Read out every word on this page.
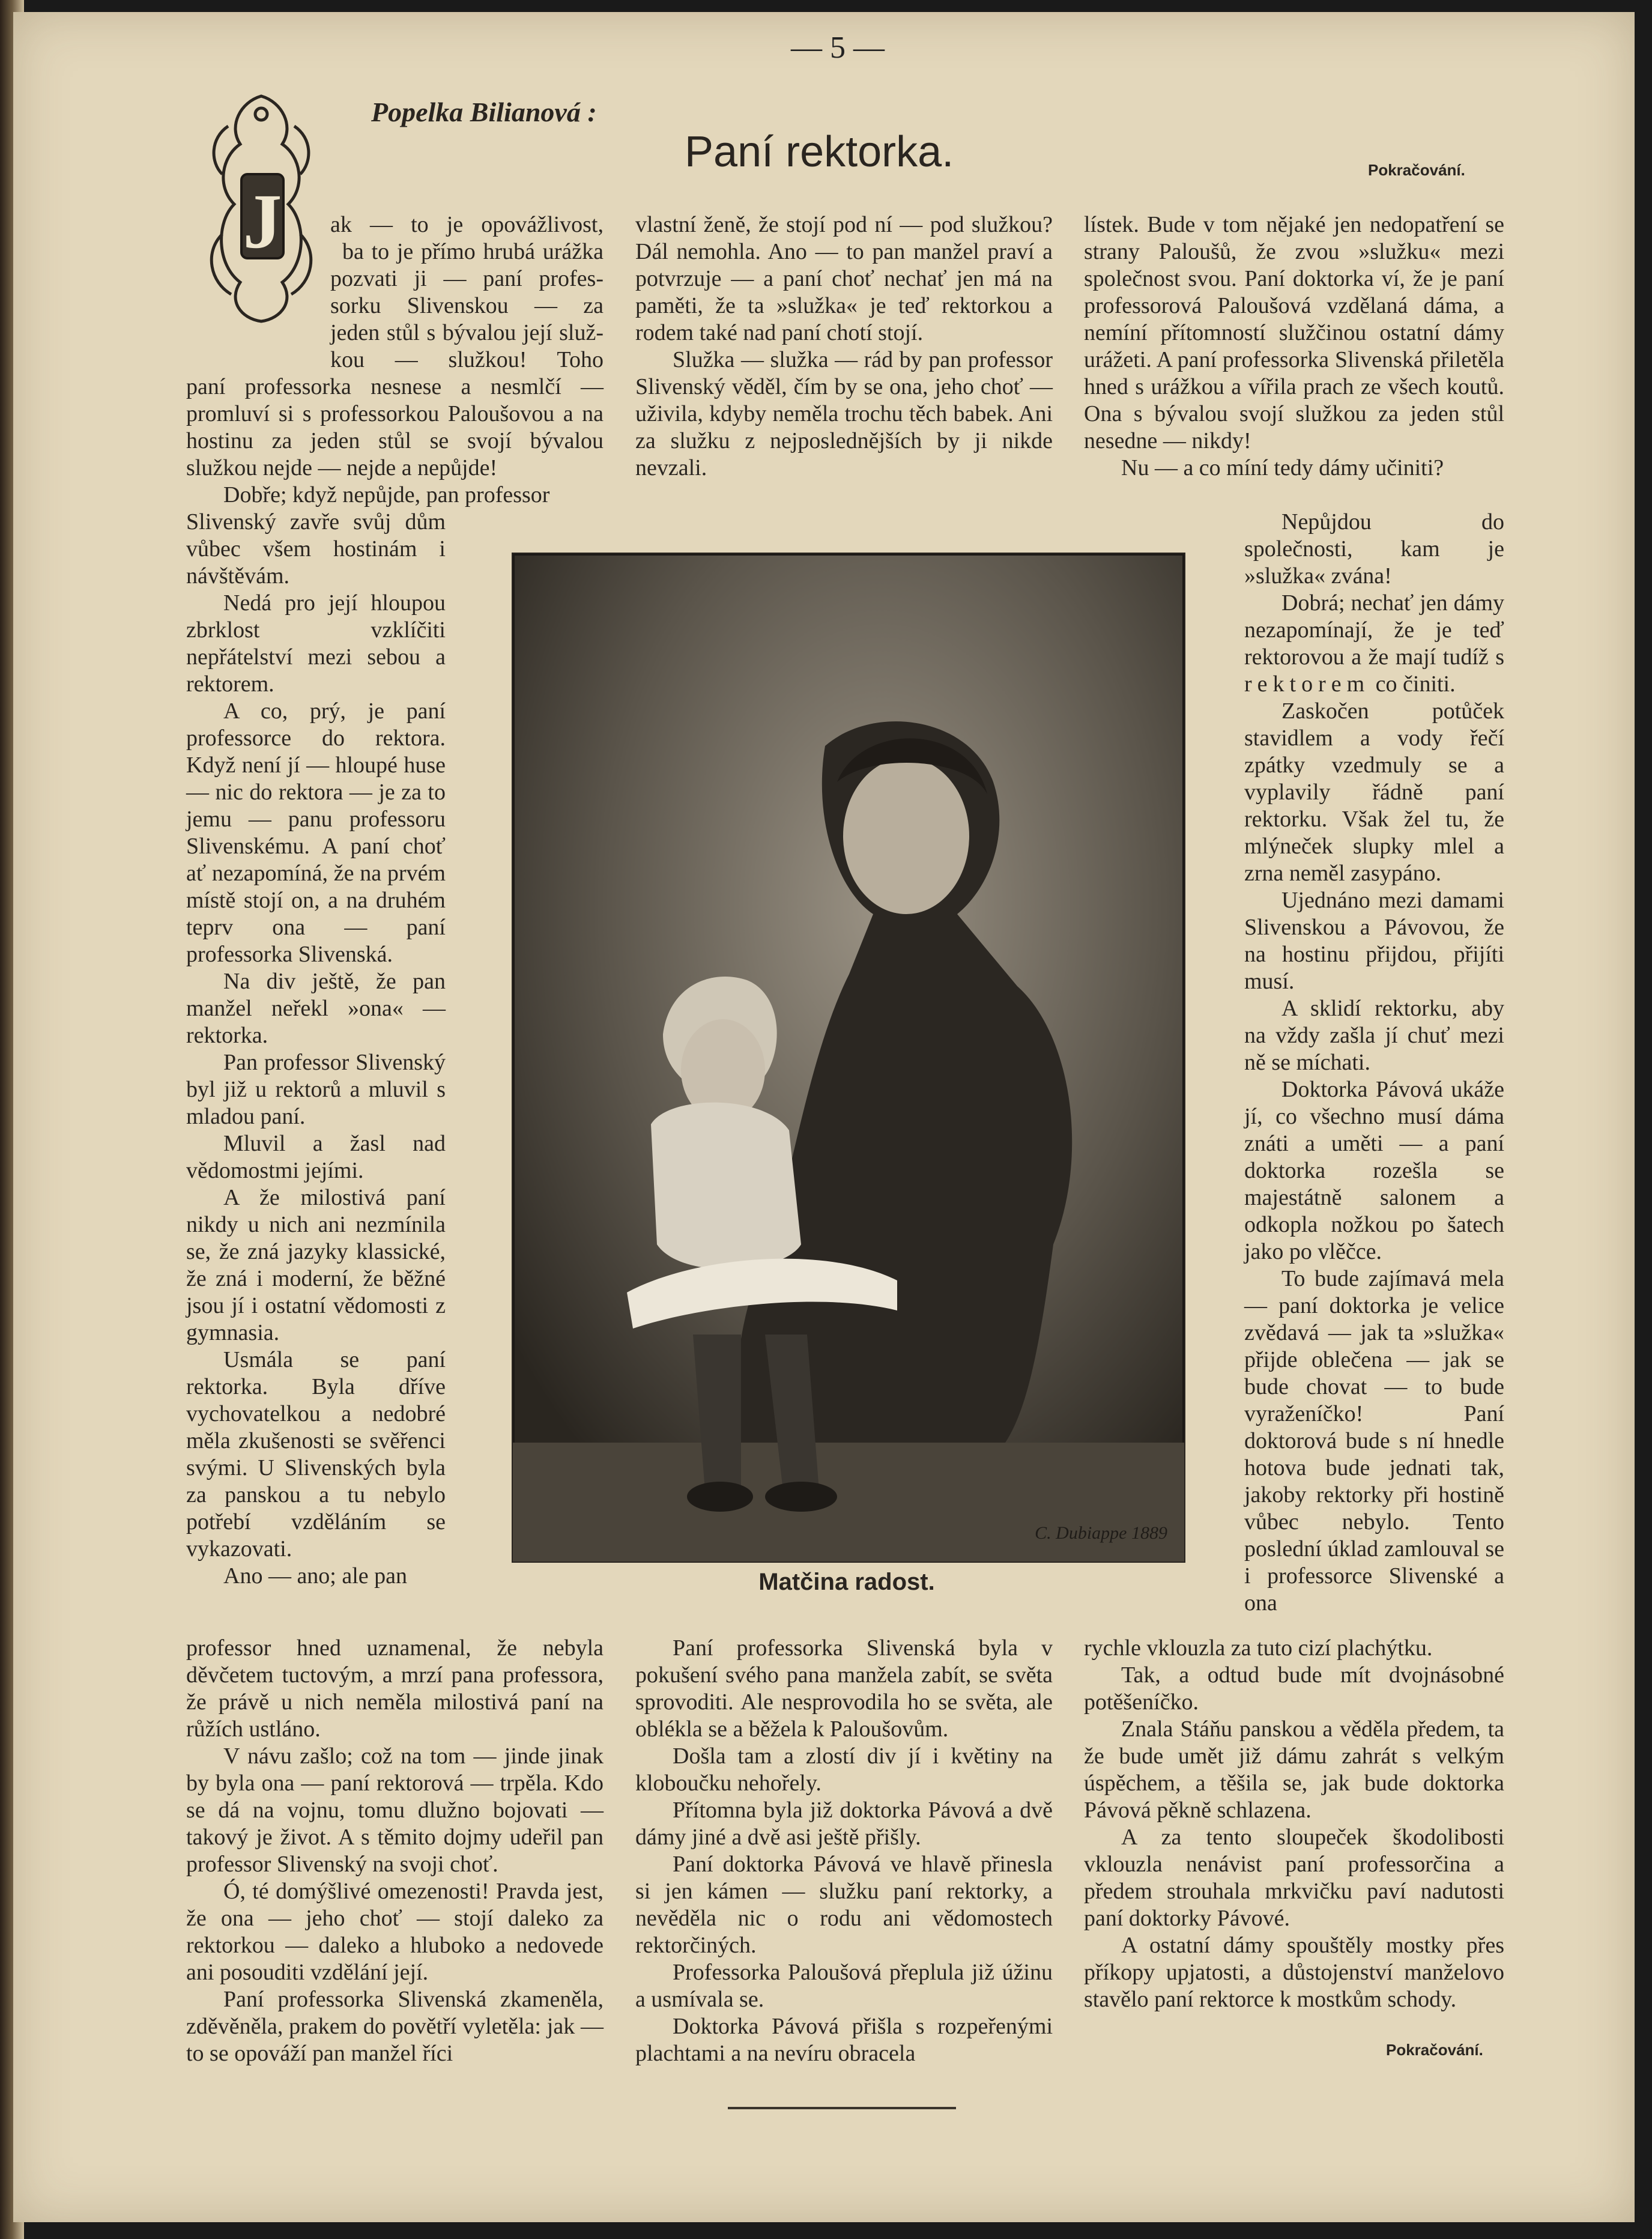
— 5 —
Popelka Bilianová :
Paní rektorka.	Pokračování.
J ak — to je opovážlivost,
ba to je přímo hrubá urážka
pozvati ji — paní profes-
sorku Slivenskou — za
jeden stůl s bývalou její služ-
kou — služkou! Toho

paní professorka nesnese a nesmlčí — promluví si s professorkou Paloušovou a na hostinu za jeden stůl se svojí bývalou služkou nejde — nejde a nepůjde!

Dobře; když nepůjde, pan professor

Slivenský zavře svůj dům vůbec všem hostinám i návštěvám.

Nedá pro její hloupou zbrklost vzklíčiti nepřátelství mezi sebou a rektorem.

A co, prý, je paní professorce do rektora. Když není jí — hloupé huse — nic do rektora — je za to jemu — panu professoru Slivenskému. A paní choť ať nezapomíná, že na prvém místě stojí on, a na druhém teprv ona — paní professorka Slivenská.

Na div ještě, že pan manžel neřekl »ona« — rektorka.

Pan professor Slivenský byl již u rektorů a mluvil s mladou paní.

Mluvil a žasl nad vědomostmi jejími.

A že milostivá paní nikdy u nich ani nezmínila se, že zná jazyky klassické, že zná i moderní, že běžné jsou jí i ostatní vědomosti z gymnasia.

Usmála se paní rektorka. Byla dříve vychovatelkou a nedobré měla zkušenosti se svěřenci svými. U Slivenských byla za panskou a tu nebylo potřebí vzděláním se vykazovati.

Ano — ano; ale pan

professor hned uznamenal, že nebyla děvčetem tuctovým, a mrzí pana professora, že právě u nich neměla milostivá paní na růžích ustláno.

V návu zašlo; což na tom — jinde jinak by byla ona — paní rektorová — trpěla. Kdo se dá na vojnu, tomu dlužno bojovati — takový je život. A s těmito dojmy udeřil pan professor Slivenský na svoji choť.

Ó, té domýšlivé omezenosti! Pravda jest, že ona — jeho choť — stojí daleko za rektorkou — daleko a hluboko a nedovede ani posouditi vzdělání její.

Paní professorka Slivenská zkameněla, zděvěněla, prakem do povětří vyletěla: jak — to se opováží pan manžel říci

vlastní ženě, že stojí pod ní — pod služkou? Dál nemohla. Ano — to pan manžel praví a potvrzuje — a paní choť nechať jen má na paměti, že ta »služka« je teď rektorkou a rodem také nad paní chotí stojí.

Služka — služka — rád by pan professor Slivenský věděl, čím by se ona, jeho choť — uživila, kdyby neměla trochu těch babek. Ani za služku z nejposlednějších by ji nikde nevzali.

Paní professorka Slivenská byla v pokušení svého pana manžela zabít, se světa sprovoditi. Ale nesprovodila ho se světa, ale oblékla se a běžela k Paloušovům.

Došla tam a zlostí div jí i květiny na kloboučku nehořely.

Přítomna byla již doktorka Pávová a dvě dámy jiné a dvě asi ještě přišly.

Paní doktorka Pávová ve hlavě přinesla si jen kámen — služku paní rektorky, a nevěděla nic o rodu ani vědomostech rektorčiných.

Professorka Paloušová přeplula již úžinu a usmívala se.

Doktorka Pávová přišla s rozpeřenými plachtami a na nevíru obracela

lístek. Bude v tom nějaké jen nedopatření se strany Paloušů, že zvou »služku« mezi společnost svou. Paní doktorka ví, že je paní professorová Paloušová vzdělaná dáma, a nemíní přítomností služčinou ostatní dámy urážeti. A paní professorka Slivenská přiletěla hned s urážkou a vířila prach ze všech koutů. Ona s bývalou svojí služkou za jeden stůl nesedne — nikdy!

Nu — a co míní tedy dámy učiniti?

Nepůjdou do společnosti, kam je »služka« zvána!

Dobrá; nechať jen dámy nezapomínají, že je teď rektorovou a že mají tudíž s rektorem co činiti.

Zaskočen potůček stavidlem a vody řečí zpátky vzedmuly se a vyplavily řádně paní rektorku. Však žel tu, že mlýneček slupky mlel a zrna neměl zasypáno.

Ujednáno mezi damami Slivenskou a Pávovou, že na hostinu přijdou, přijíti musí.

A sklidí rektorku, aby na vždy zašla jí chuť mezi ně se míchati.

Doktorka Pávová ukáže jí, co všechno musí dáma znáti a uměti — a paní doktorka rozešla se majestátně salonem a odkopla nožkou po šatech jako po vlěčce.

To bude zajímavá mela — paní doktorka je velice zvědavá — jak ta »služka« přijde oblečena — jak se bude chovat — to bude vyraženíčko! Paní doktorová bude s ní hnedle hotova bude jednati tak, jakoby rektorky při hostině vůbec nebylo. Tento poslední úklad zamlouval se i professorce Slivenské a ona

rychle vklouzla za tuto cizí plachýtku.

Tak, a odtud bude mít dvojnásobné potěšeníčko.

Znala Stáňu panskou a věděla předem, ta že bude umět již dámu zahrát s velkým úspěchem, a těšila se, jak bude doktorka Pávová pěkně schlazena.

A za tento sloupeček škodolibosti vklouzla nenávist paní professorčina a předem strouhala mrkvičku paví nadutosti paní doktorky Pávové.

A ostatní dámy spouštěly mostky přes příkopy upjatosti, a důstojenství manželovo stavělo paní rektorce k mostkům schody.

C. Dubiappe 1889
Matčina radost.
Pokračování.
